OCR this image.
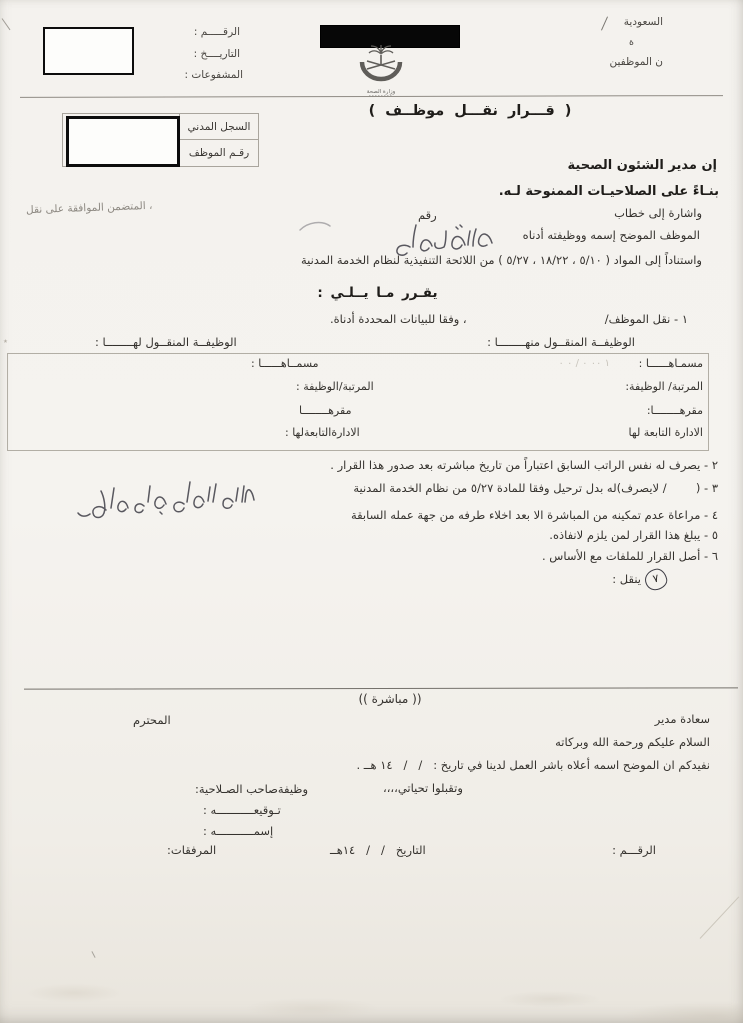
الرقـــــم :
التاريــــخ :
المشفوعات :
وزارة الصحة
السعودية
ة
ن الموظفين
( قـــرار نقـــل موظــف )
السجل المدني
رقـم الموظف
إن مدير الشئون الصحية
بنـاءً على الصلاحيـات الممنوحة لـه.
واشارة إلى خطاب
رقم
، المتضمن الموافقة على نقل
الموظف الموضح إسمه ووظيفته أدناه
واستناداً إلى المواد ( ٥/١٠ ، ١٨/٢٢ ، ٥/٢٧ ) من اللائحة التنفيذية لنظام الخدمة المدنية
يقـرر مـا يــلـي :
١ - نقل الموظف/
، وفقا للبيانات المحددة أدناة.
الوظيفــة المنقــول منهــــــــا :
الوظيفــة المنقــول لهــــــــا :
٭
مسمـاهــــــا :
١ ٠٠ ٠ / ٠ ٠
المرتبة/ الوظيفة:
مقرهــــــــا:
الادارة التابعة لها
مسمــاهــــــا :
المرتبة/الوظيفة :
مقرهــــــــا
الادارةالتابعةلها :
٢ - يصرف له نفس الراتب السابق اعتباراً من تاريخ مباشرته بعد صدور هذا القرار .
٣ - (        / لايصرف)له بدل ترحيل وفقا للمادة ٥/٢٧ من نظام الخدمة المدنية
٤ - مراعاة عدم تمكينه من المباشرة الا بعد اخلاء طرفه من جهة عمله السابقة
٥ - يبلغ هذا القرار لمن يلزم لانفاذه.
٦ - أصل القرار للملفات مع الأساس .
٧ينقل :
(( مباشرة ))
سعادة مدير
المحترم
السلام عليكم ورحمة الله وبركاته
نفيدكم ان الموضح اسمه أعلاه باشر العمل لدينا في تاريخ :   /   /   ١٤ هــ .
وتقبلوا تحياتي،،،،
وظيفةصاحب الصـلاحية:
تـوقيعـــــــــــه :
إسمـــــــــــه :
الرقـــم :
التاريخ   /   /   ١٤هــ
المرفقات:
